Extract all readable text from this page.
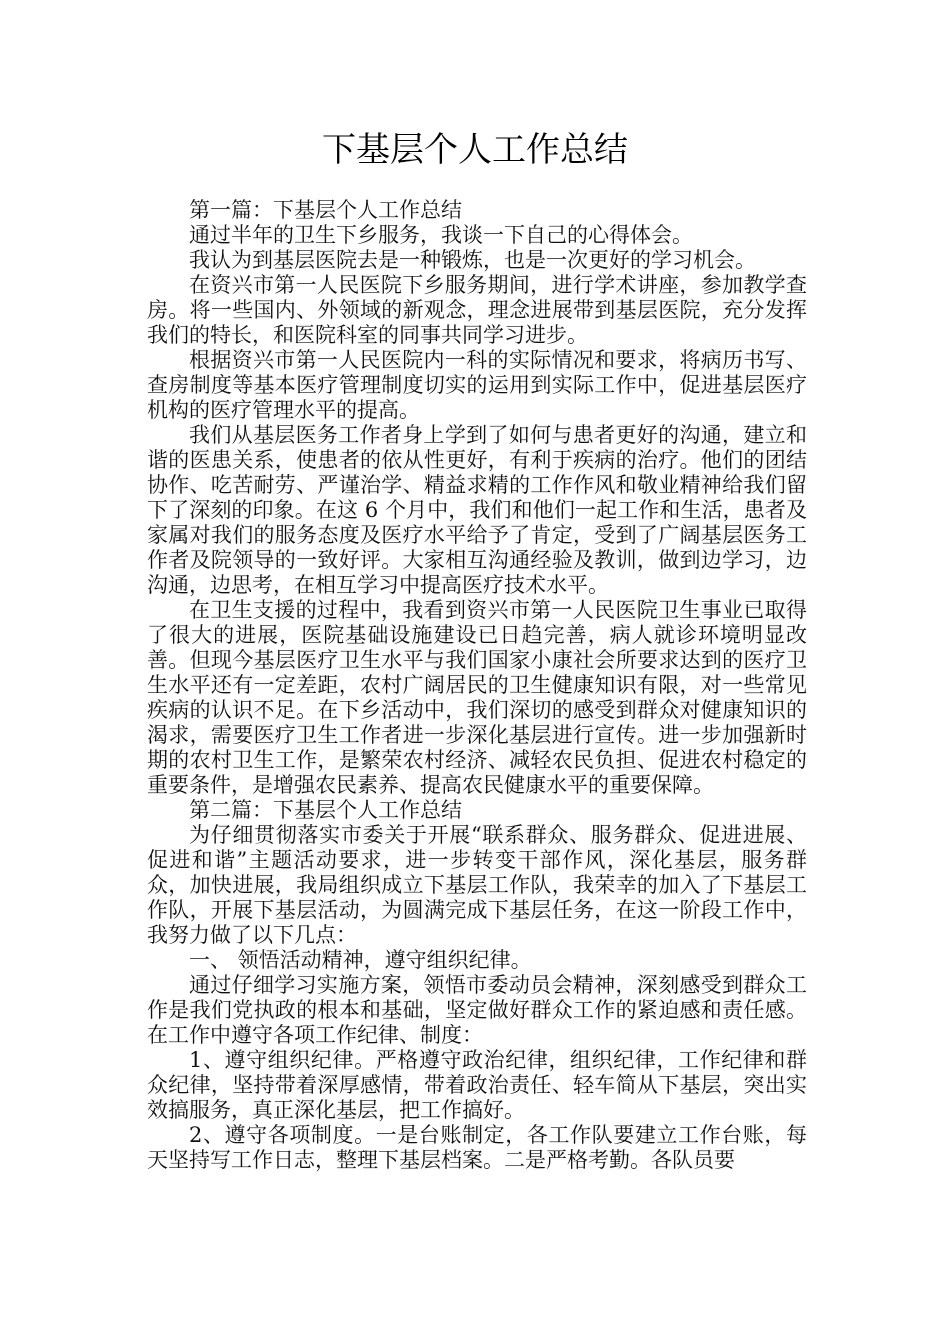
下基层个人工作总结

第一篇：下基层个人工作总结

通过半年的卫生下乡服务，我谈一下自己的心得体会。

我认为到基层医院去是一种锻炼，也是一次更好的学习机会。

在资兴市第一人民医院下乡服务期间，进行学术讲座，参加教学查房。将一些国内、外领域的新观念，理念进展带到基层医院，充分发挥我们的特长，和医院科室的同事共同学习进步。

根据资兴市第一人民医院内一科的实际情况和要求，将病历书写、查房制度等基本医疗管理制度切实的运用到实际工作中，促进基层医疗机构的医疗管理水平的提高。

我们从基层医务工作者身上学到了如何与患者更好的沟通，建立和谐的医患关系，使患者的依从性更好，有利于疾病的治疗。他们的团结协作、吃苦耐劳、严谨治学、精益求精的工作作风和敬业精神给我们留下了深刻的印象。在这 6 个月中，我们和他们一起工作和生活，患者及家属对我们的服务态度及医疗水平给予了肯定，受到了广阔基层医务工作者及院领导的一致好评。大家相互沟通经验及教训，做到边学习，边沟通，边思考，在相互学习中提高医疗技术水平。

在卫生支援的过程中，我看到资兴市第一人民医院卫生事业已取得了很大的进展，医院基础设施建设已日趋完善，病人就诊环境明显改善。但现今基层医疗卫生水平与我们国家小康社会所要求达到的医疗卫生水平还有一定差距，农村广阔居民的卫生健康知识有限，对一些常见疾病的认识不足。在下乡活动中，我们深切的感受到群众对健康知识的渴求，需要医疗卫生工作者进一步深化基层进行宣传。进一步加强新时期的农村卫生工作，是繁荣农村经济、减轻农民负担、促进农村稳定的重要条件，是增强农民素养、提高农民健康水平的重要保障。

第二篇：下基层个人工作总结

为仔细贯彻落实市委关于开展“联系群众、服务群众、促进进展、促进和谐”主题活动要求，进一步转变干部作风，深化基层，服务群众，加快进展，我局组织成立下基层工作队，我荣幸的加入了下基层工作队，开展下基层活动，为圆满完成下基层任务，在这一阶段工作中，我努力做了以下几点：

一、 领悟活动精神，遵守组织纪律。

通过仔细学习实施方案，领悟市委动员会精神，深刻感受到群众工作是我们党执政的根本和基础，坚定做好群众工作的紧迫感和责任感。在工作中遵守各项工作纪律、制度：

1、遵守组织纪律。严格遵守政治纪律，组织纪律，工作纪律和群众纪律，坚持带着深厚感情，带着政治责任、轻车简从下基层，突出实效搞服务，真正深化基层，把工作搞好。

2、遵守各项制度。一是台账制定，各工作队要建立工作台账，每天坚持写工作日志，整理下基层档案。二是严格考勤。各队员要
